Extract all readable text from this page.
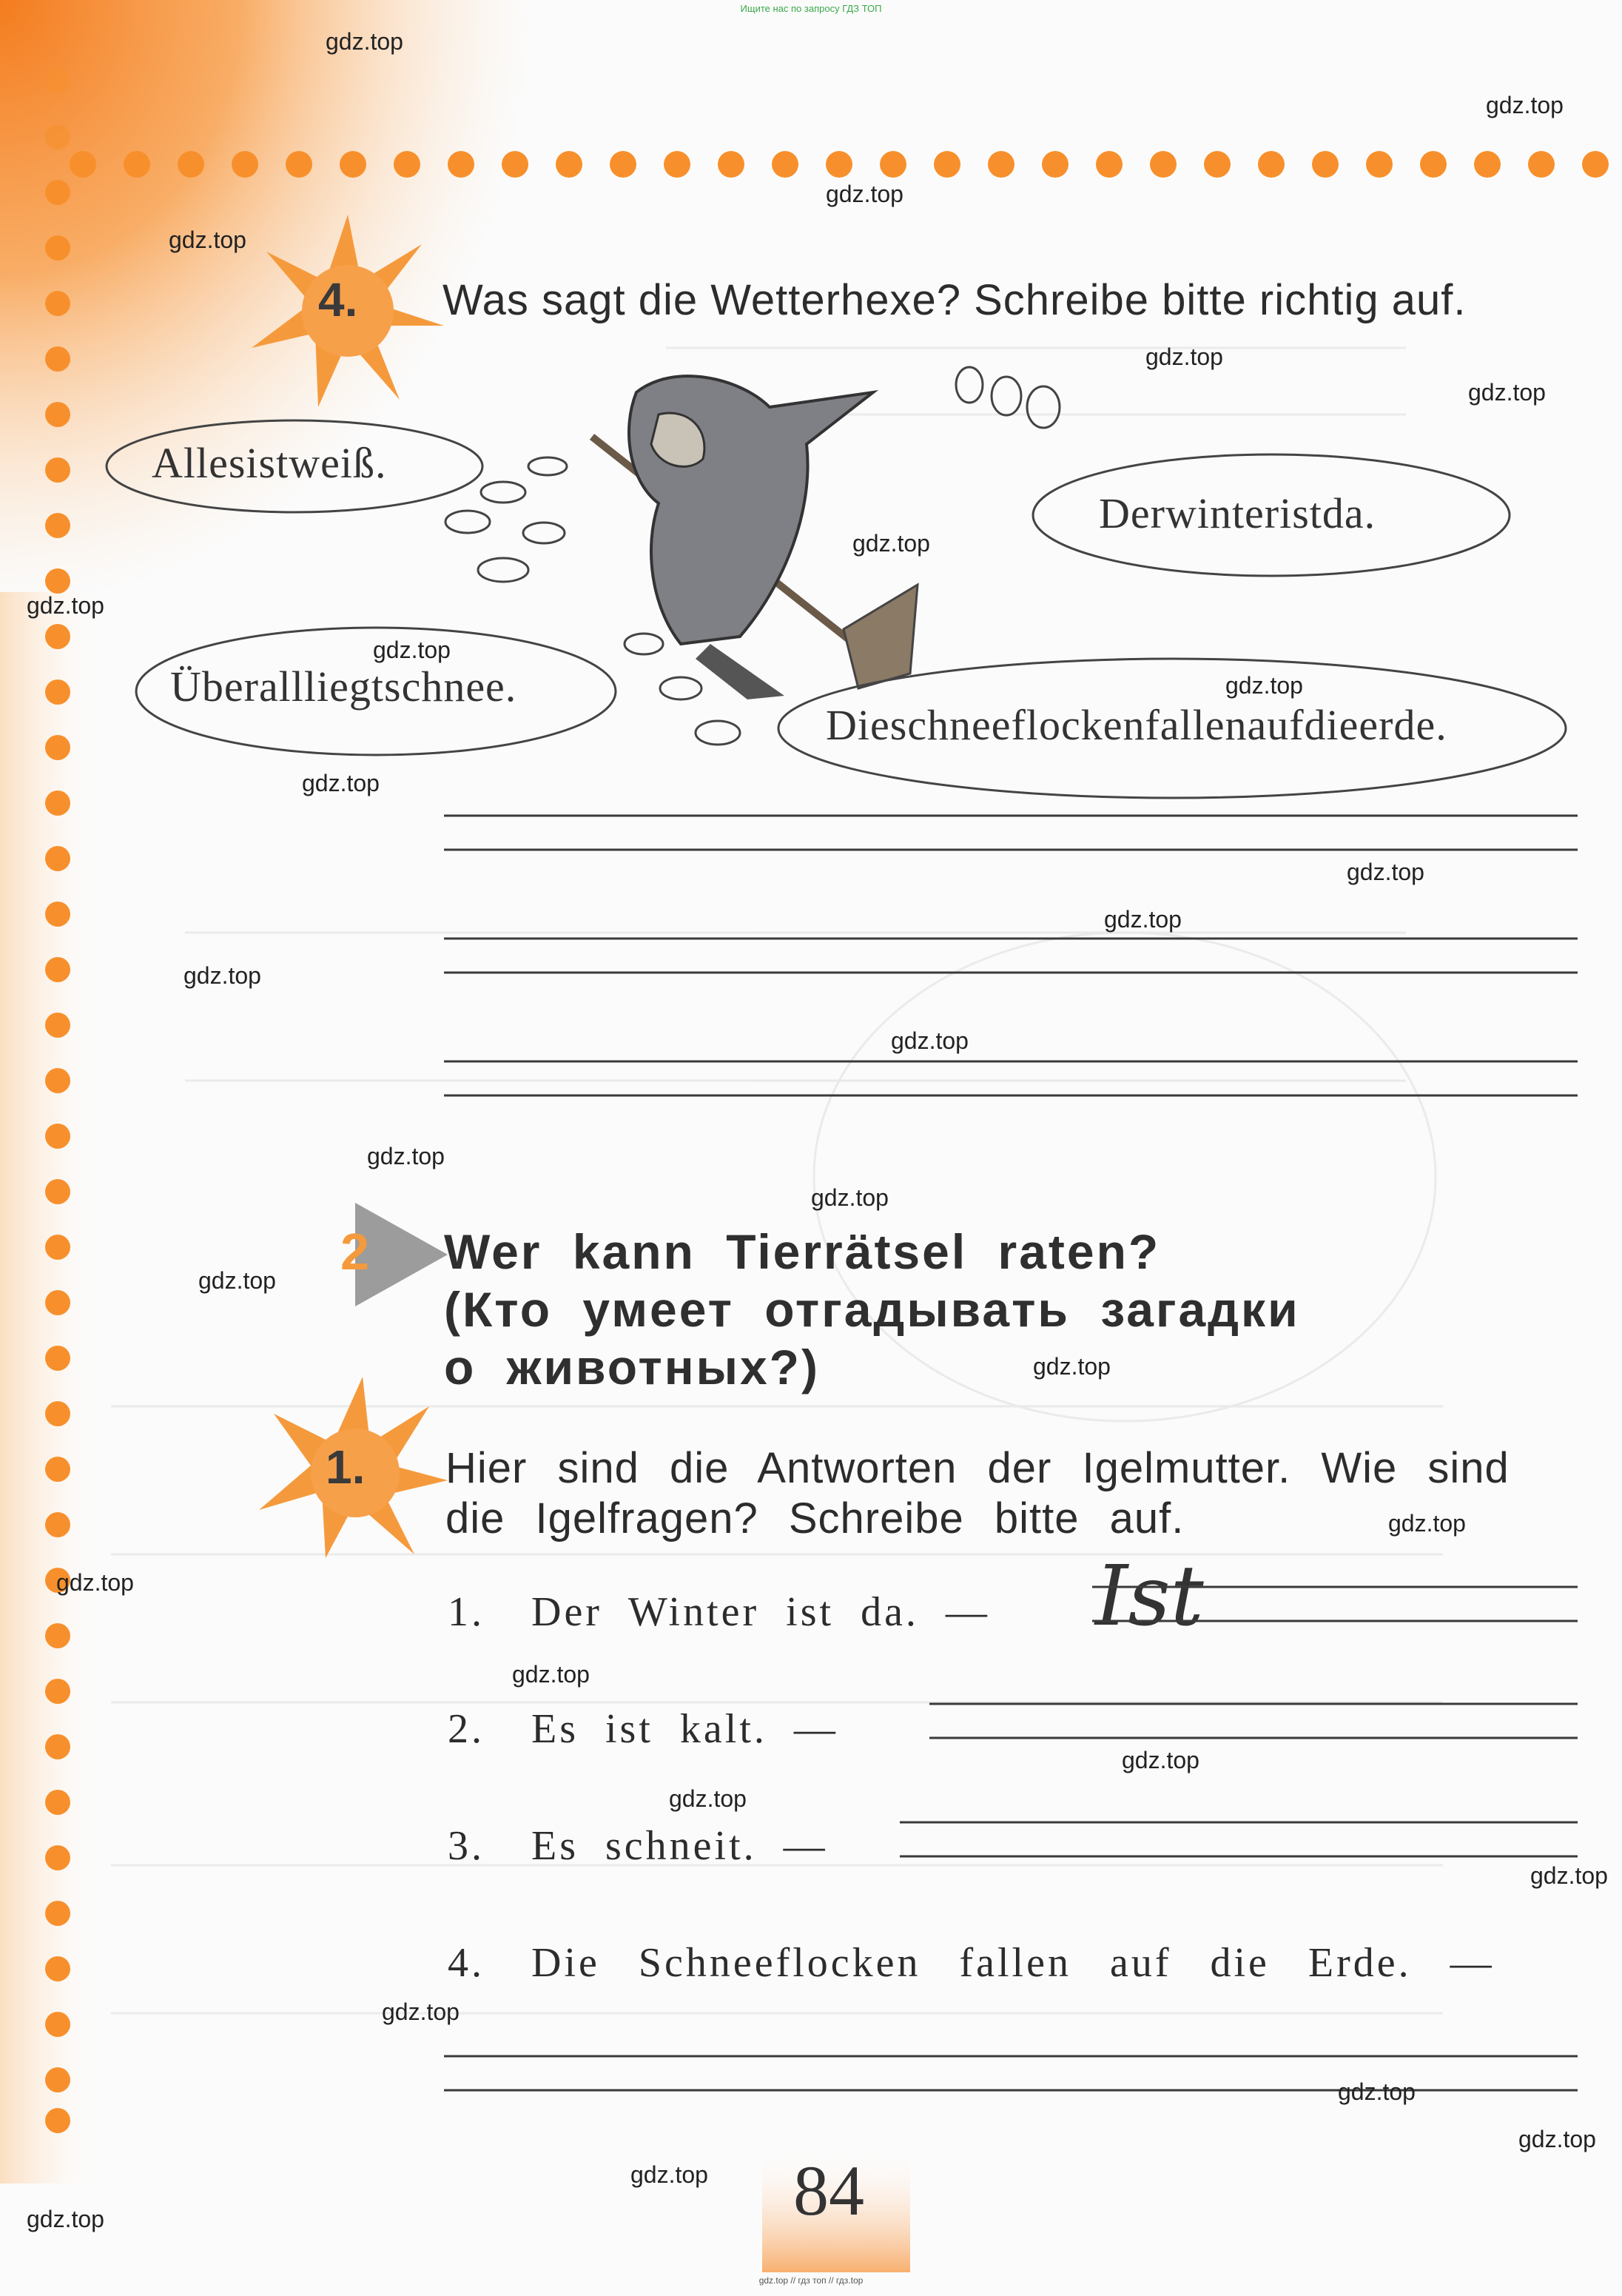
Ищите нас по запросу ГДЗ ТОП
4. Was sagt die Wetterhexe? Schreibe bitte richtig auf.
Allesistweiß.
Derwinteristda.
Überallliegtschnee.
Dieschneeflockenfallenaufdieerde.
2 Wer kann Tierrätsel raten?
(Кто умеет отгадывать загадки
о животных?)
1. Hier sind die Antworten der Igelmutter. Wie sind
die Igelfragen? Schreibe bitte auf.
1. Der Winter ist da. — Ist
2. Es ist kalt. —
3. Es schneit. —
4. Die Schneeflocken fallen auf die Erde. —
84
gdz.top
gdz.top
gdz.top
gdz.top
gdz.top
gdz.top
gdz.top
gdz.top
gdz.top
gdz.top
gdz.top
gdz.top
gdz.top
gdz.top
gdz.top
gdz.top
gdz.top
gdz.top
gdz.top
gdz.top
gdz.top
gdz.top
gdz.top
gdz.top
gdz.top
gdz.top
gdz.top
gdz.top
gdz.top
gdz.top
gdz.top // гдз топ // гдз.top
